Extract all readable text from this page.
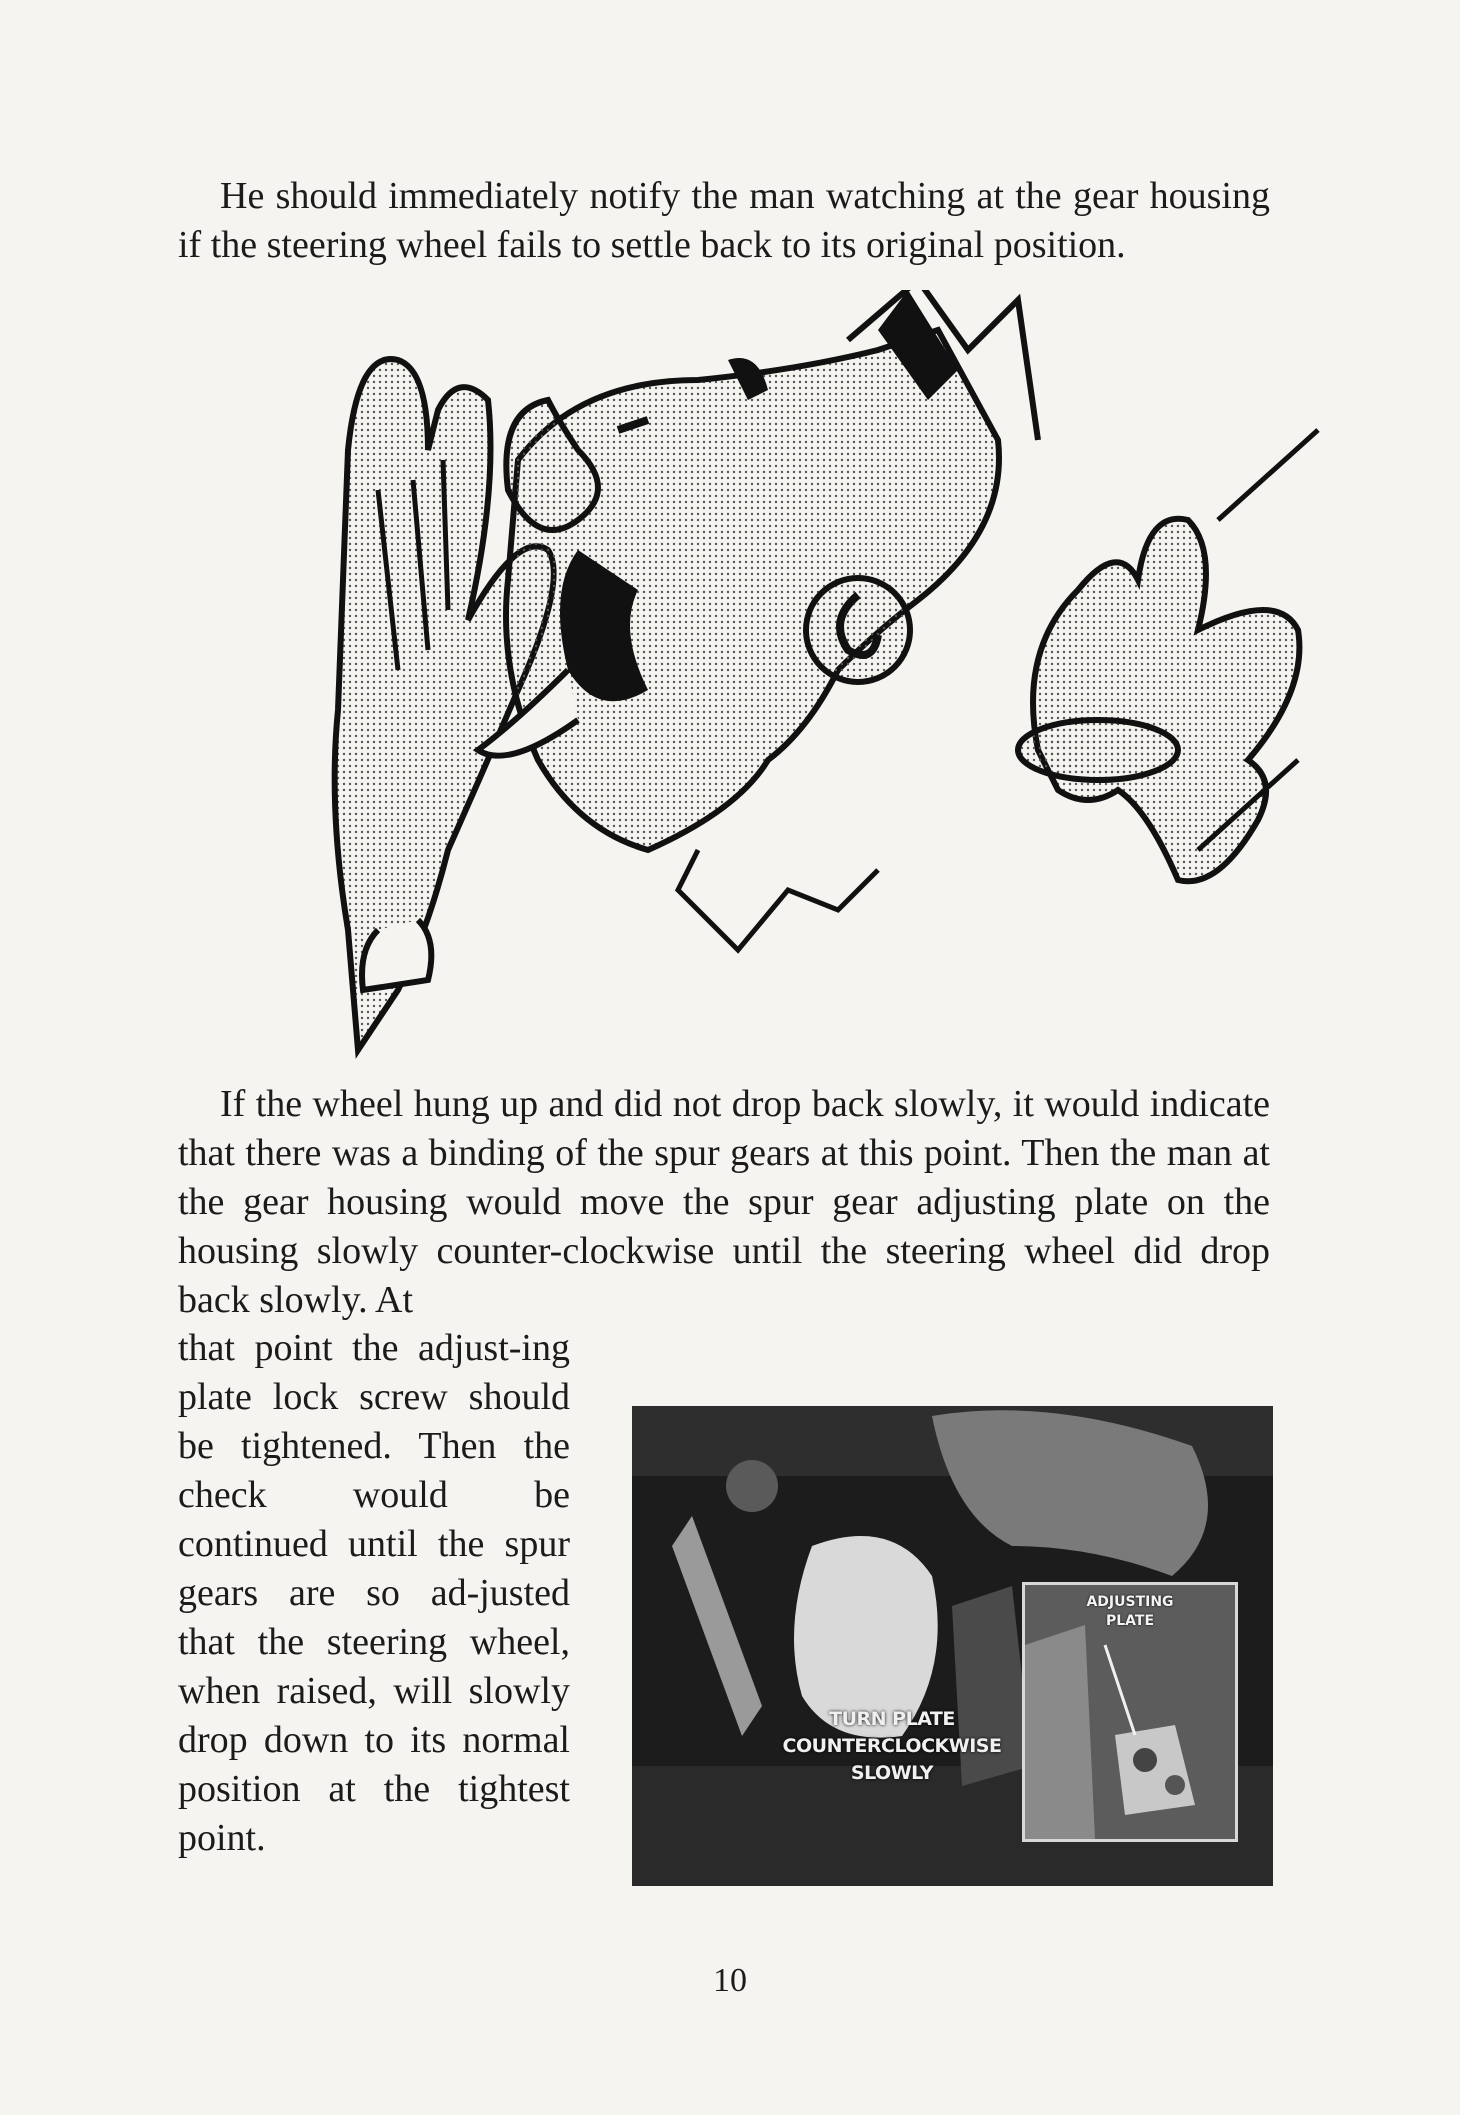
He should immediately notify the man watching at the gear housing if the steering wheel fails to settle back to its original position.

If the wheel hung up and did not drop back slowly, it would indicate that there was a binding of the spur gears at this point. Then the man at the gear housing would move the spur gear adjusting plate on the housing slowly counter-clockwise until the steering wheel did drop back slowly. At

that point the adjust-ing plate lock screw should be tightened. Then the check would be continued until the spur gears are so ad-justed that the steering wheel, when raised, will slowly drop down to its normal position at the tightest point.

ADJUSTING
PLATE
TURN PLATE
COUNTERCLOCKWISE
SLOWLY

10
